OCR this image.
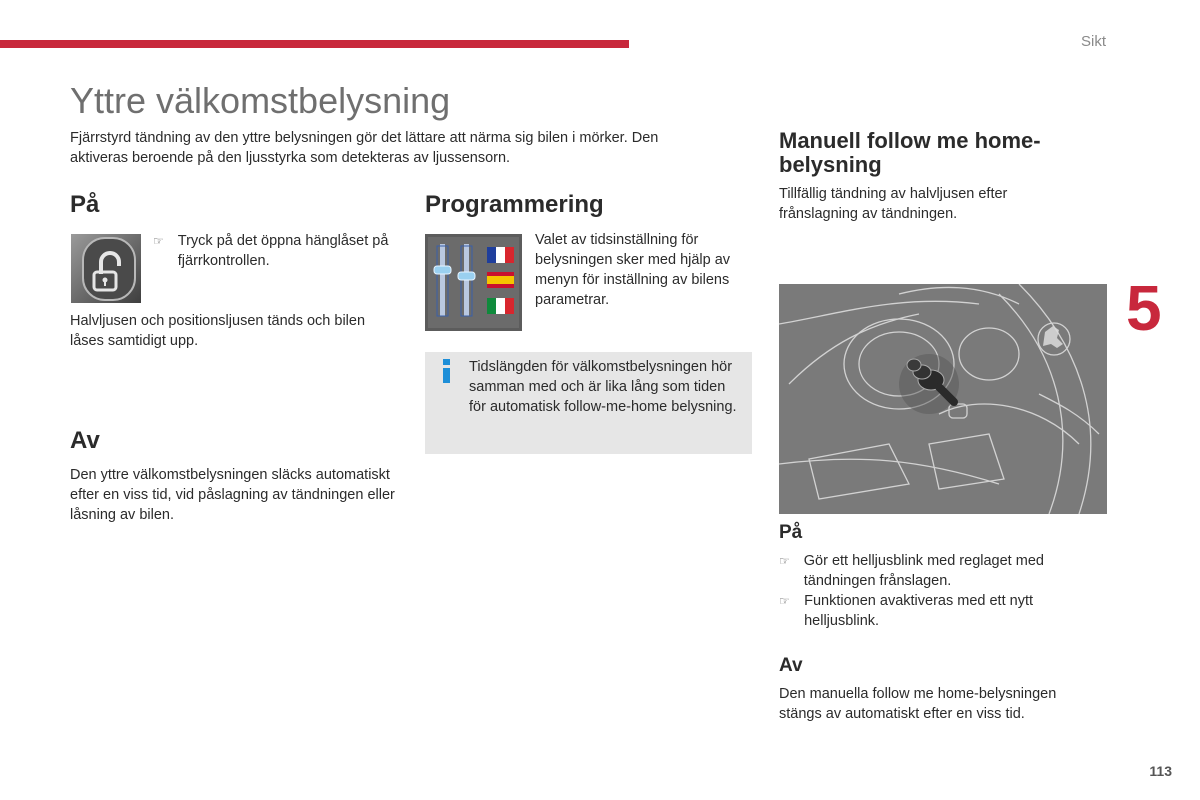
Sikt
5
113
Yttre välkomstbelysning
Fjärrstyrd tändning av den yttre belysningen gör det lättare att närma sig bilen i mörker. Den aktiveras beroende på den ljusstyrka som detekteras av ljussensorn.
På
☞ Tryck på det öppna hänglåset på fjärrkontrollen.
Halvljusen och positionsljusen tänds och bilen låses samtidigt upp.
Av
Den yttre välkomstbelysningen släcks automatiskt efter en viss tid, vid påslagning av tändningen eller låsning av bilen.
Programmering
Valet av tidsinställning för belysningen sker med hjälp av menyn för inställning av bilens parametrar.
Tidslängden för välkomstbelysningen hör samman med och är lika lång som tiden för automatisk follow-me-home belysning.
Manuell follow me home-belysning
Tillfällig tändning av halvljusen efter frånslagning av tändningen.
På
☞ Gör ett helljusblink med reglaget med tändningen frånslagen.
☞ Funktionen avaktiveras med ett nytt helljusblink.
Av
Den manuella follow me home-belysningen stängs av automatiskt efter en viss tid.
